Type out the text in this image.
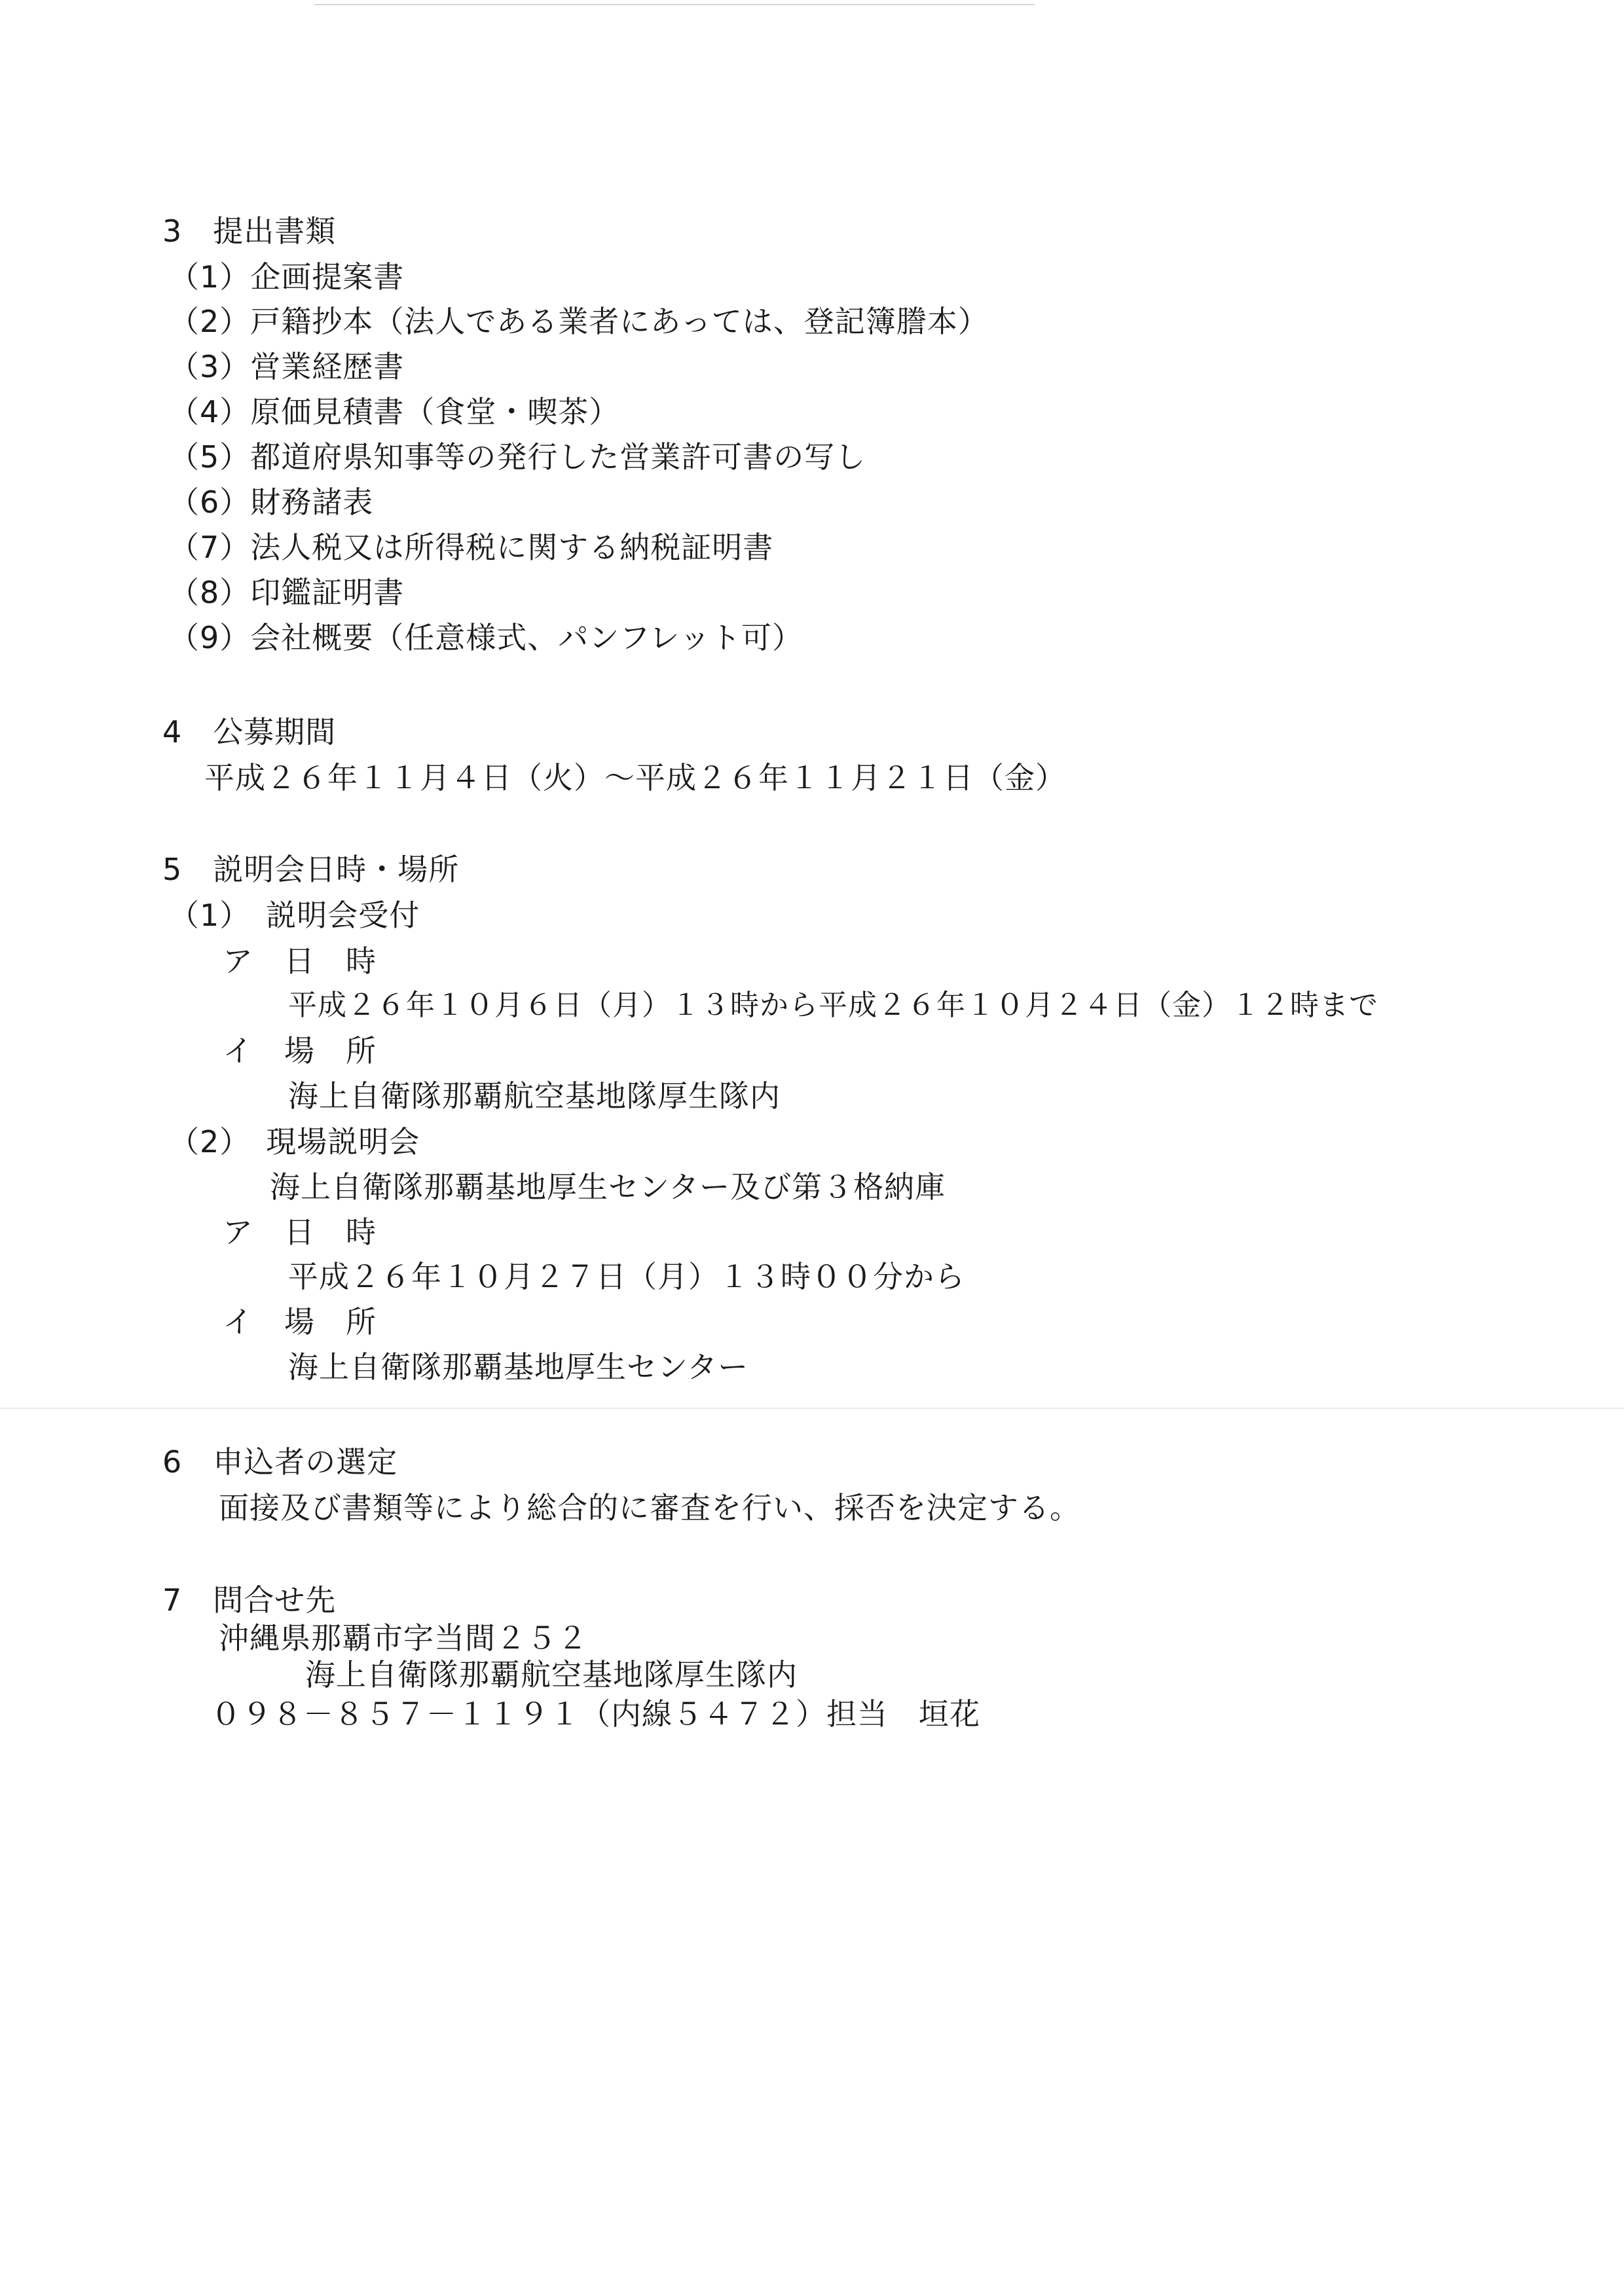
3　提出書類
（1）企画提案書
（2）戸籍抄本（法人である業者にあっては、登記簿謄本）
（3）営業経歴書
（4）原価見積書（食堂・喫茶）
（5）都道府県知事等の発行した営業許可書の写し
（6）財務諸表
（7）法人税又は所得税に関する納税証明書
（8）印鑑証明書
（9）会社概要（任意様式、パンフレット可）
4　公募期間
平成２６年１１月４日（火）～平成２６年１１月２１日（金）
5　説明会日時・場所
（1）　説明会受付
ア　日　時
平成２６年１０月６日（月）１３時から平成２６年１０月２４日（金）１２時まで
イ　場　所
海上自衛隊那覇航空基地隊厚生隊内
（2）　現場説明会
海上自衛隊那覇基地厚生センター及び第３格納庫
ア　日　時
平成２６年１０月２７日（月）１３時００分から
イ　場　所
海上自衛隊那覇基地厚生センター
6　申込者の選定
面接及び書類等により総合的に審査を行い、採否を決定する。
7　問合せ先
沖縄県那覇市字当間２５２
海上自衛隊那覇航空基地隊厚生隊内
０９８－８５７－１１９１（内線５４７２）担当　垣花
